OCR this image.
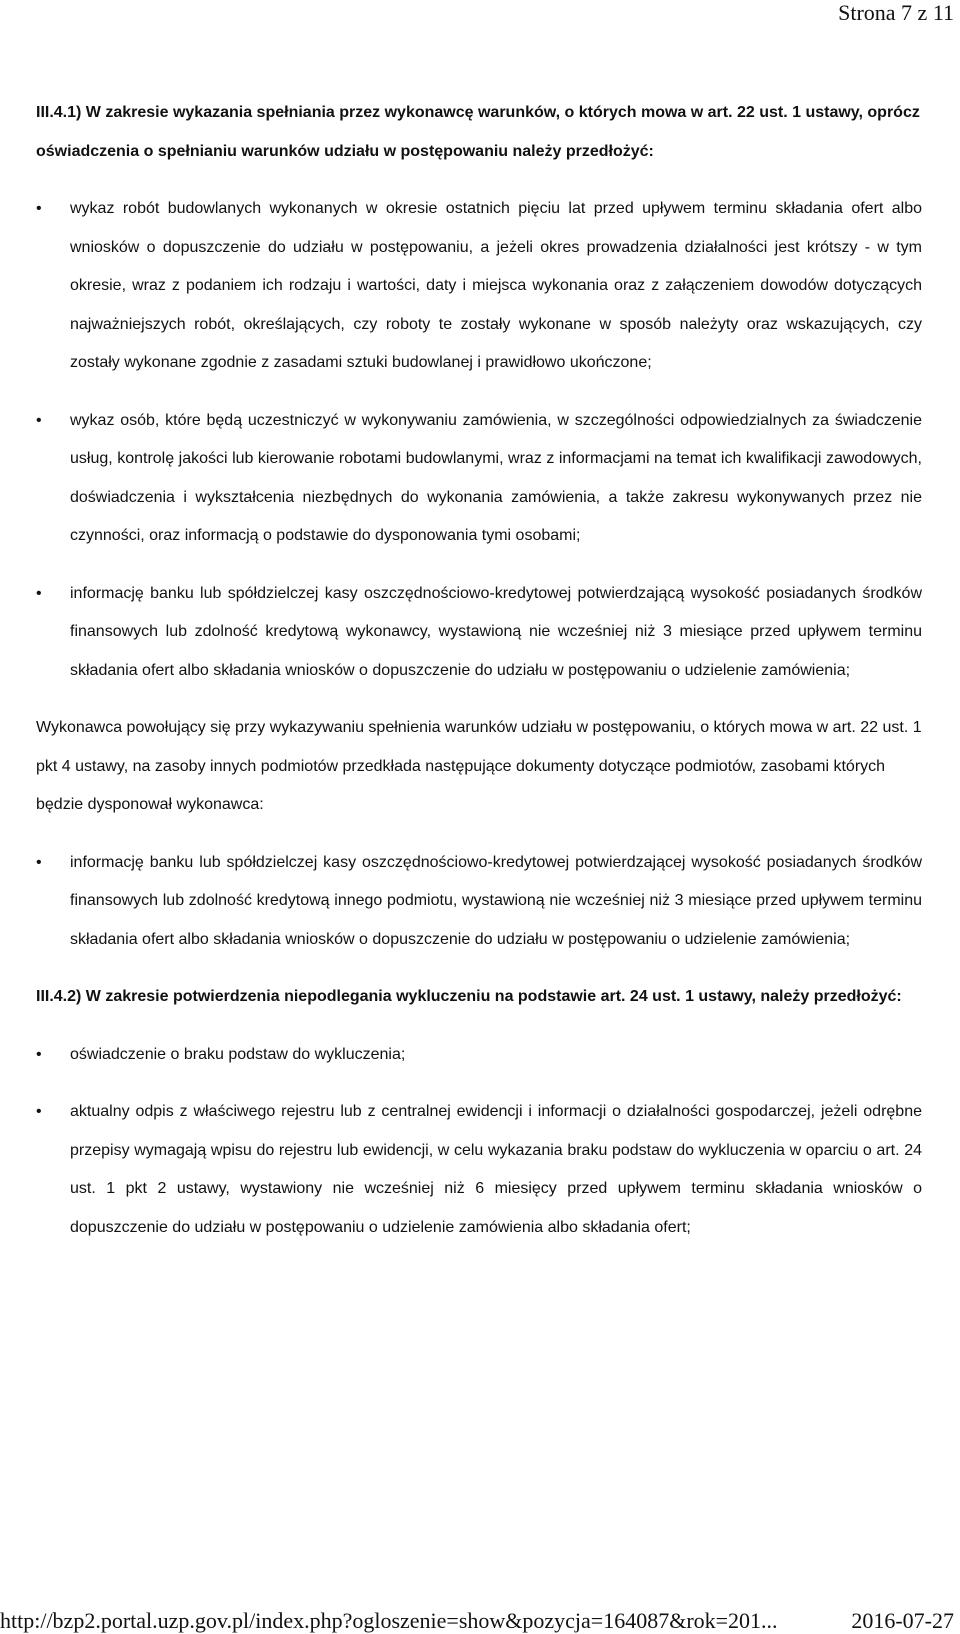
Strona 7 z 11

III.4.1) W zakresie wykazania spełniania przez wykonawcę warunków, o których mowa w art. 22 ust. 1 ustawy, oprócz oświadczenia o spełnianiu warunków udziału w postępowaniu należy przedłożyć:

• wykaz robót budowlanych wykonanych w okresie ostatnich pięciu lat przed upływem terminu składania ofert albo wniosków o dopuszczenie do udziału w postępowaniu, a jeżeli okres prowadzenia działalności jest krótszy - w tym okresie, wraz z podaniem ich rodzaju i wartości, daty i miejsca wykonania oraz z załączeniem dowodów dotyczących najważniejszych robót, określających, czy roboty te zostały wykonane w sposób należyty oraz wskazujących, czy zostały wykonane zgodnie z zasadami sztuki budowlanej i prawidłowo ukończone;
• wykaz osób, które będą uczestniczyć w wykonywaniu zamówienia, w szczególności odpowiedzialnych za świadczenie usług, kontrolę jakości lub kierowanie robotami budowlanymi, wraz z informacjami na temat ich kwalifikacji zawodowych, doświadczenia i wykształcenia niezbędnych do wykonania zamówienia, a także zakresu wykonywanych przez nie czynności, oraz informacją o podstawie do dysponowania tymi osobami;
• informację banku lub spółdzielczej kasy oszczędnościowo-kredytowej potwierdzającą wysokość posiadanych środków finansowych lub zdolność kredytową wykonawcy, wystawioną nie wcześniej niż 3 miesiące przed upływem terminu składania ofert albo składania wniosków o dopuszczenie do udziału w postępowaniu o udzielenie zamówienia;

Wykonawca powołujący się przy wykazywaniu spełnienia warunków udziału w postępowaniu, o których mowa w art. 22 ust. 1 pkt 4 ustawy, na zasoby innych podmiotów przedkłada następujące dokumenty dotyczące podmiotów, zasobami których będzie dysponował wykonawca:

• informację banku lub spółdzielczej kasy oszczędnościowo-kredytowej potwierdzającej wysokość posiadanych środków finansowych lub zdolność kredytową innego podmiotu, wystawioną nie wcześniej niż 3 miesiące przed upływem terminu składania ofert albo składania wniosków o dopuszczenie do udziału w postępowaniu o udzielenie zamówienia;

III.4.2) W zakresie potwierdzenia niepodlegania wykluczeniu na podstawie art. 24 ust. 1 ustawy, należy przedłożyć:

• oświadczenie o braku podstaw do wykluczenia;
• aktualny odpis z właściwego rejestru lub z centralnej ewidencji i informacji o działalności gospodarczej, jeżeli odrębne przepisy wymagają wpisu do rejestru lub ewidencji, w celu wykazania braku podstaw do wykluczenia w oparciu o art. 24 ust. 1 pkt 2 ustawy, wystawiony nie wcześniej niż 6 miesięcy przed upływem terminu składania wniosków o dopuszczenie do udziału w postępowaniu o udzielenie zamówienia albo składania ofert;
http://bzp2.portal.uzp.gov.pl/index.php?ogloszenie=show&pozycja=164087&rok=201...	2016-07-27
